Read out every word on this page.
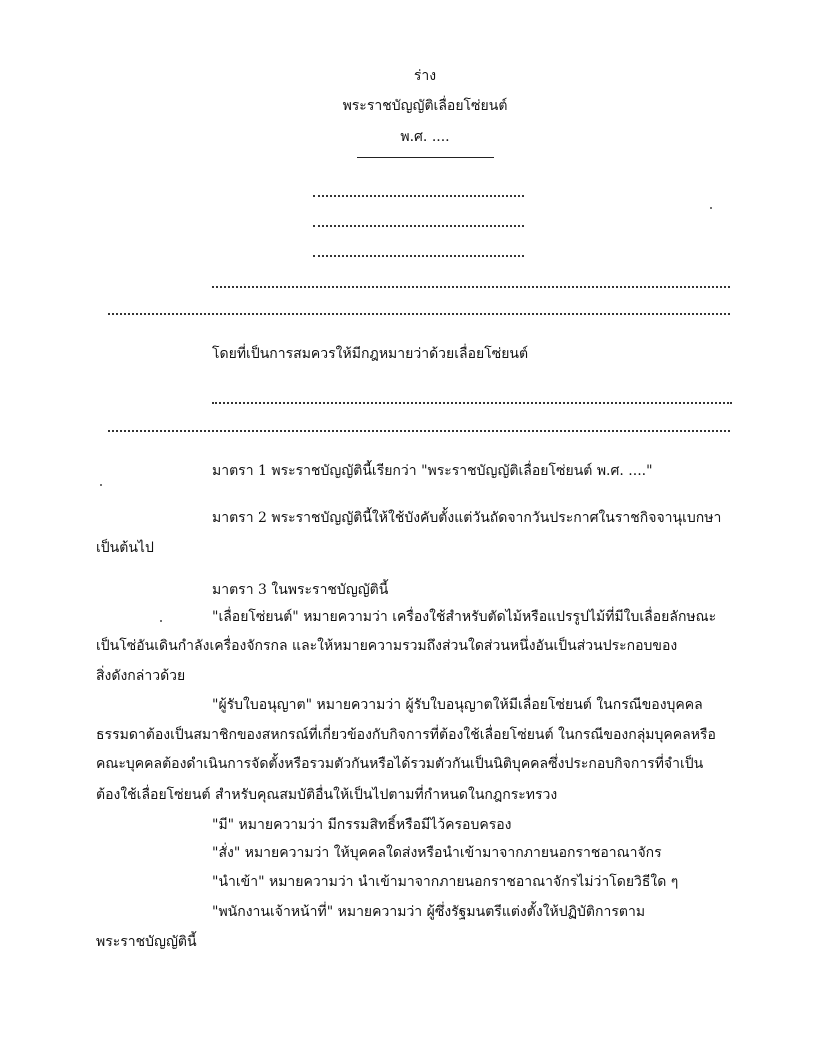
ร่าง
พระราชบัญญัติเลื่อยโซ่ยนต์
พ.ศ. ....
โดยที่เป็นการสมควรให้มีกฎหมายว่าด้วยเลื่อยโซ่ยนต์
มาตรา 1 พระราชบัญญัตินี้เรียกว่า "พระราชบัญญัติเลื่อยโซ่ยนต์ พ.ศ. ...."
มาตรา 2 พระราชบัญญัตินี้ให้ใช้บังคับตั้งแต่วันถัดจากวันประกาศในราชกิจจานุเบกษา
เป็นต้นไป
มาตรา 3 ในพระราชบัญญัตินี้
"เลื่อยโซ่ยนต์" หมายความว่า เครื่องใช้สำหรับตัดไม้หรือแปรรูปไม้ที่มีใบเลื่อยลักษณะ
เป็นโซ่อันเดินกำลังเครื่องจักรกล และให้หมายความรวมถึงส่วนใดส่วนหนึ่งอันเป็นส่วนประกอบของ
สิ่งดังกล่าวด้วย
"ผู้รับใบอนุญาต" หมายความว่า ผู้รับใบอนุญาตให้มีเลื่อยโซ่ยนต์ ในกรณีของบุคคล
ธรรมดาต้องเป็นสมาชิกของสหกรณ์ที่เกี่ยวข้องกับกิจการที่ต้องใช้เลื่อยโซ่ยนต์ ในกรณีของกลุ่มบุคคลหรือ
คณะบุคคลต้องดำเนินการจัดตั้งหรือรวมตัวกันหรือได้รวมตัวกันเป็นนิติบุคคลซึ่งประกอบกิจการที่จำเป็น
ต้องใช้เลื่อยโซ่ยนต์ สำหรับคุณสมบัติอื่นให้เป็นไปตามที่กำหนดในกฎกระทรวง
"มี" หมายความว่า มีกรรมสิทธิ์หรือมีไว้ครอบครอง
"สั่ง" หมายความว่า ให้บุคคลใดส่งหรือนำเข้ามาจากภายนอกราชอาณาจักร
"นำเข้า" หมายความว่า นำเข้ามาจากภายนอกราชอาณาจักรไม่ว่าโดยวิธีใด ๆ
"พนักงานเจ้าหน้าที่" หมายความว่า ผู้ซึ่งรัฐมนตรีแต่งตั้งให้ปฏิบัติการตาม
พระราชบัญญัตินี้
